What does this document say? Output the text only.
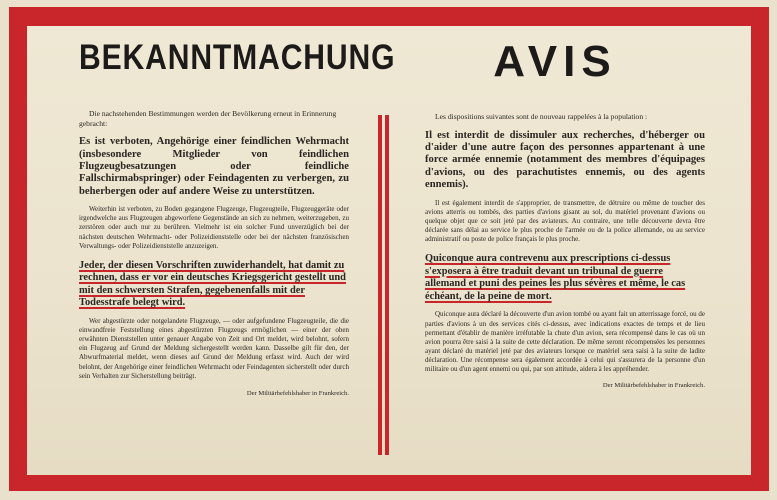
BEKANNTMACHUNG
Die nachstehenden Bestimmungen werden der Bevölkerung erneut in Erinnerung gebracht:
Es ist verboten, Angehörige einer feindlichen Wehrmacht (insbesondere Mitglieder von feindlichen Flugzeugbesatzungen oder feindliche Fallschirmabspringer) oder Feindagenten zu verbergen, zu beherbergen oder auf andere Weise zu unterstützen.
Weiterhin ist verboten, zu Boden gegangene Flugzeuge, Flugzeugteile, Flugzeuggeräte oder irgendwelche aus Flugzeugen abgeworfene Gegenstände an sich zu nehmen, weiterzugeben, zu zerstören oder auch nur zu berühren. Vielmehr ist ein solcher Fund unverzüglich bei der nächsten deutschen Wehrmacht- oder Polizeidienststelle oder bei der nächsten französischen Verwaltungs- oder Polizeidienststelle anzuzeigen.
Jeder, der diesen Vorschriften zuwiderhandelt, hat damit zu rechnen, dass er vor ein deutsches Kriegsgericht gestellt und mit den schwersten Strafen, gegebenenfalls mit der Todesstrafe belegt wird.
Wer abgestürzte oder notgelandete Flugzeuge, — oder aufgefundene Flugzeugteile, die die einwandfreie Feststellung eines abgestürzten Flugzeugs ermöglichen — einer der oben erwähnten Dienststellen unter genauer Angabe von Zeit und Ort meldet, wird belohnt, sofern ein Flugzeug auf Grund der Meldung sichergestellt werden kann. Dasselbe gilt für den, der Abwurfmaterial meldet, wenn dieses auf Grund der Meldung erfasst wird. Auch der wird belohnt, der Angehörige einer feindlichen Wehrmacht oder Feindagenten sicherstellt oder durch sein Verhalten zur Sicherstellung beiträgt.
Der Militärbefehlshaber in Frankreich.
AVIS
Les dispositions suivantes sont de nouveau rappelées à la population :
Il est interdit de dissimuler aux recherches, d'héberger ou d'aider d'une autre façon des personnes appartenant à une force armée ennemie (notamment des membres d'équipages d'avions, ou des parachutistes ennemis, ou des agents ennemis).
Il est également interdit de s'approprier, de transmettre, de détruire ou même de toucher des avions atterris ou tombés, des parties d'avions gisant au sol, du matériel provenant d'avions ou quelque objet que ce soit jeté par des aviateurs. Au contraire, une telle découverte devra être déclarée sans délai au service le plus proche de l'armée ou de la police allemande, ou au service administratif ou poste de police français le plus proche.
Quiconque aura contrevenu aux prescriptions ci-dessus s'exposera à être traduit devant un tribunal de guerre allemand et puni des peines les plus sévères et même, le cas échéant, de la peine de mort.
Quiconque aura déclaré la découverte d'un avion tombé ou ayant fait un atterrissage forcé, ou de parties d'avions à un des services cités ci-dessus, avec indications exactes de temps et de lieu permettant d'établir de manière irréfutable la chute d'un avion, sera récompensé dans le cas où un avion pourra être saisi à la suite de cette déclaration. De même seront récompensées les personnes ayant déclaré du matériel jeté par des aviateurs lorsque ce matériel sera saisi à la suite de ladite déclaration. Une récompense sera également accordée à celui qui s'assurera de la personne d'un militaire ou d'un agent ennemi ou qui, par son attitude, aidera à les appréhender.
Der Militärbefehlshaber in Frankreich.
